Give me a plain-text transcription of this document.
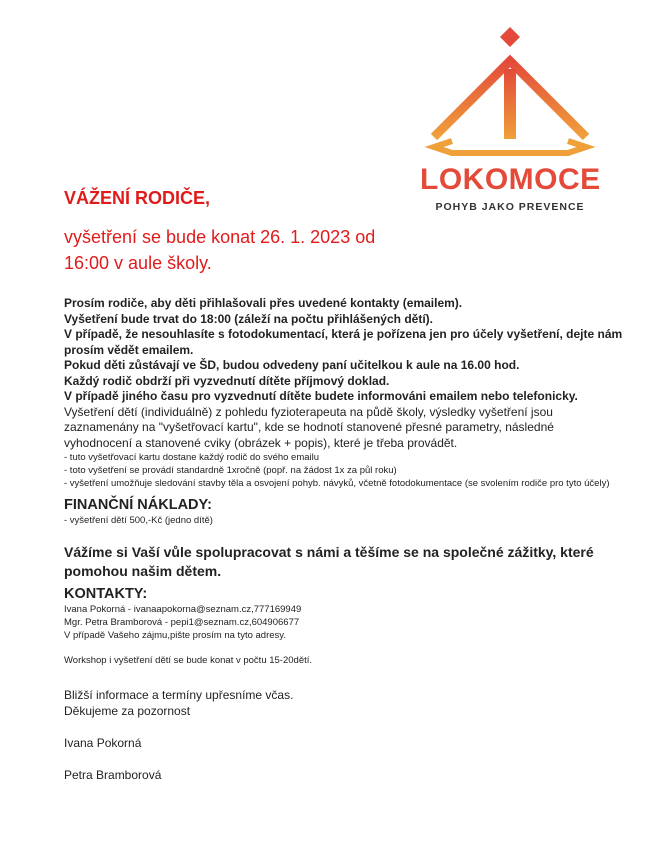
LOKOMOCE
POHYB JAKO PREVENCE
VÁŽENÍ RODIČE,
vyšetření se bude konat 26. 1. 2023 od
16:00 v aule školy.

Prosím rodiče, aby děti přihlašovali přes uvedené kontakty (emailem).

Vyšetření bude trvat do 18:00 (záleží na počtu přihlášených dětí).

V případě, že nesouhlasíte s fotodokumentací, která je pořízena jen pro účely vyšetření, dejte nám prosím vědět emailem.

Pokud děti zůstávají ve ŠD, budou odvedeny paní učitelkou k aule na 16.00 hod.

Každý rodič obdrží při vyzvednutí dítěte příjmový doklad.

V případě jiného času pro vyzvednutí dítěte budete informováni emailem nebo telefonicky.

Vyšetření dětí (individuálně) z pohledu fyzioterapeuta na půdě školy, výsledky vyšetření jsou zaznamenány na "vyšetřovací kartu", kde se hodnotí stanovené přesné parametry, následné vyhodnocení a stanovené cviky (obrázek + popis), které je třeba provádět.

- tuto vyšetřovací kartu dostane každý rodič do svého emailu

- toto vyšetření se provádí standardně 1xročně (popř. na žádost 1x za půl roku)

- vyšetření umožňuje sledování stavby těla a osvojení pohyb. návyků, včetně fotodokumentace (se svolením rodiče pro tyto účely)

FINANČNÍ NÁKLADY:

- vyšetření dětí 500,-Kč (jedno dítě)

Vážíme si Vaší vůle spolupracovat s námi a těšíme se na společné zážitky, které pomohou našim dětem.

KONTAKTY:

Ivana Pokorná - ivanaapokorna@seznam.cz,777169949

Mgr. Petra Bramborová - pepi1@seznam.cz,604906677

V případě Vašeho zájmu,pište prosím na tyto adresy.

Workshop i vyšetření dětí se bude konat v počtu 15-20dětí.

Bližší informace a termíny upřesníme včas.

Děkujeme za pozornost

Ivana Pokorná

Petra Bramborová
